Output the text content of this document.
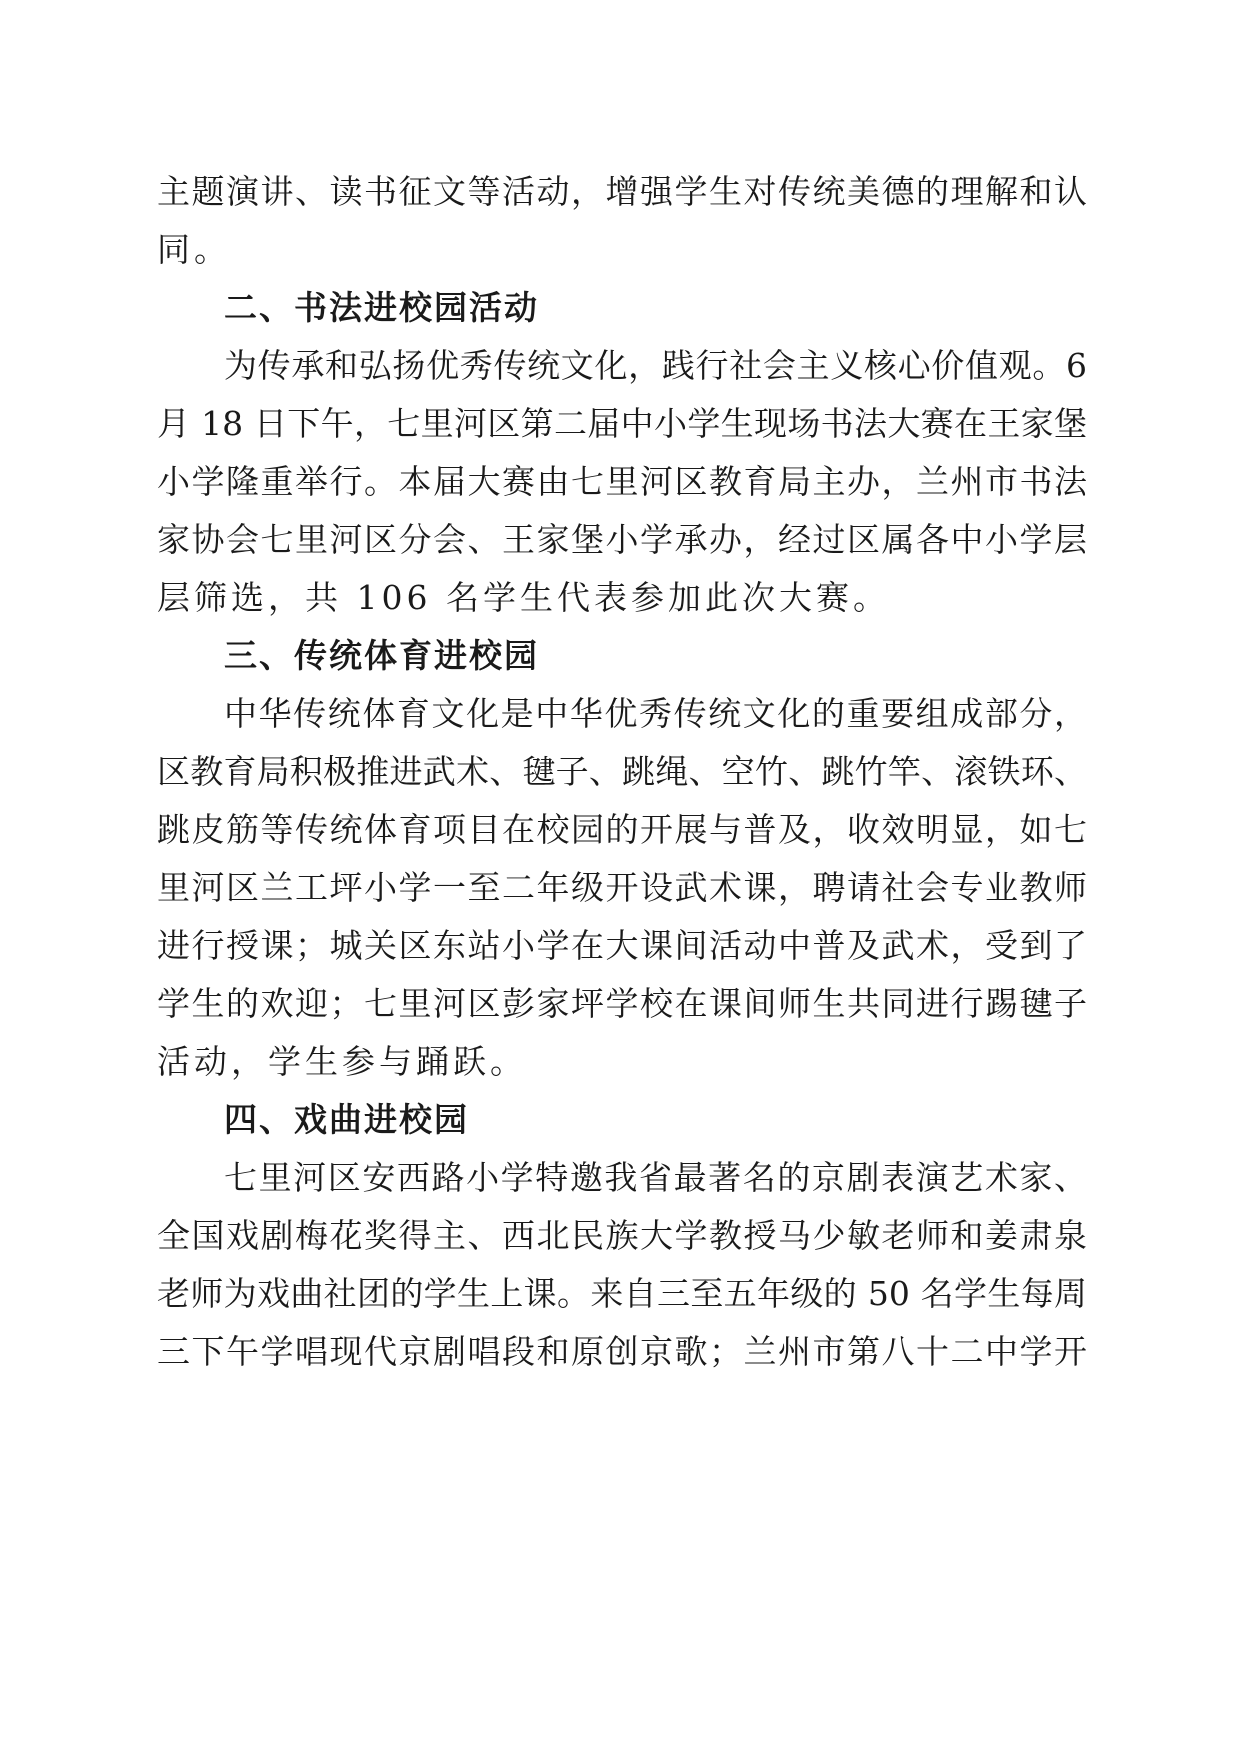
主题演讲、读书征文等活动，增强学生对传统美德的理解和认
同。
二、书法进校园活动
为传承和弘扬优秀传统文化，践行社会主义核心价值观。6
月 18 日下午，七里河区第二届中小学生现场书法大赛在王家堡
小学隆重举行。本届大赛由七里河区教育局主办，兰州市书法
家协会七里河区分会、王家堡小学承办，经过区属各中小学层
层筛选，共 106 名学生代表参加此次大赛。
三、传统体育进校园
中华传统体育文化是中华优秀传统文化的重要组成部分，
区教育局积极推进武术、毽子、跳绳、空竹、跳竹竿、滚铁环、
跳皮筋等传统体育项目在校园的开展与普及，收效明显，如七
里河区兰工坪小学一至二年级开设武术课，聘请社会专业教师
进行授课；城关区东站小学在大课间活动中普及武术，受到了
学生的欢迎；七里河区彭家坪学校在课间师生共同进行踢毽子
活动，学生参与踊跃。
四、戏曲进校园
七里河区安西路小学特邀我省最著名的京剧表演艺术家、
全国戏剧梅花奖得主、西北民族大学教授马少敏老师和姜肃泉
老师为戏曲社团的学生上课。来自三至五年级的 50 名学生每周
三下午学唱现代京剧唱段和原创京歌；兰州市第八十二中学开
